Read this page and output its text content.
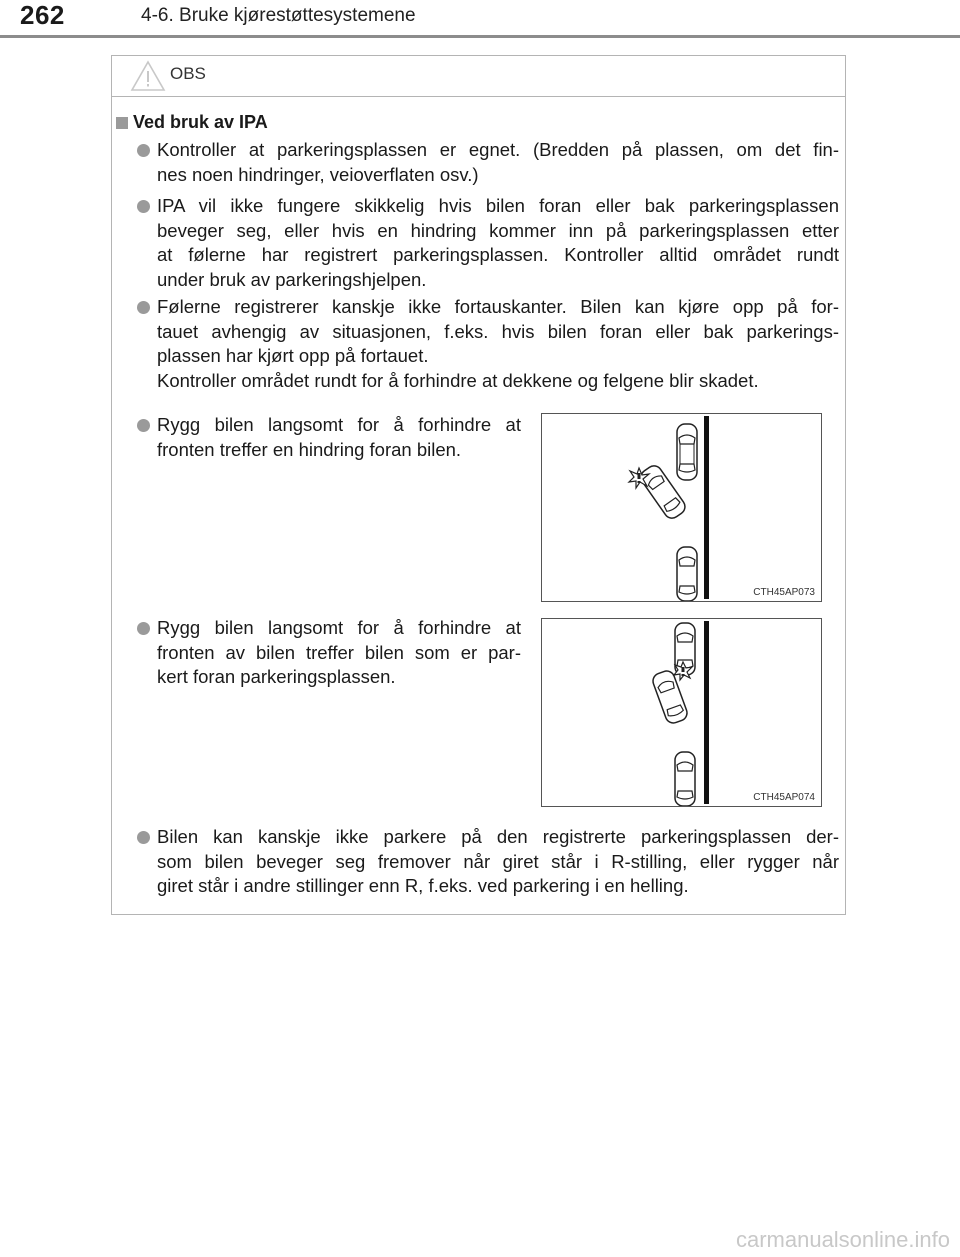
262	4-6. Bruke kjørestøttesystemene
OBS
Ved bruk av IPA
Kontroller at parkeringsplassen er egnet. (Bredden på plassen, om det fin-
nes noen hindringer, veioverflaten osv.)
IPA vil ikke fungere skikkelig hvis bilen foran eller bak parkeringsplassen
beveger seg, eller hvis en hindring kommer inn på parkeringsplassen etter
at følerne har registrert parkeringsplassen. Kontroller alltid området rundt
under bruk av parkeringshjelpen.
Følerne registrerer kanskje ikke fortauskanter. Bilen kan kjøre opp på for-
tauet avhengig av situasjonen, f.eks. hvis bilen foran eller bak parkerings-
plassen har kjørt opp på fortauet.
Kontroller området rundt for å forhindre at dekkene og felgene blir skadet.
Rygg bilen langsomt for å forhindre at
fronten treffer en hindring foran bilen.
CTH45AP073
Rygg bilen langsomt for å forhindre at
fronten av bilen treffer bilen som er par-
kert foran parkeringsplassen.
CTH45AP074
Bilen kan kanskje ikke parkere på den registrerte parkeringsplassen der-
som bilen beveger seg fremover når giret står i R-stilling, eller rygger når
giret står i andre stillinger enn R, f.eks. ved parkering i en helling.
carmanualsonline.info
